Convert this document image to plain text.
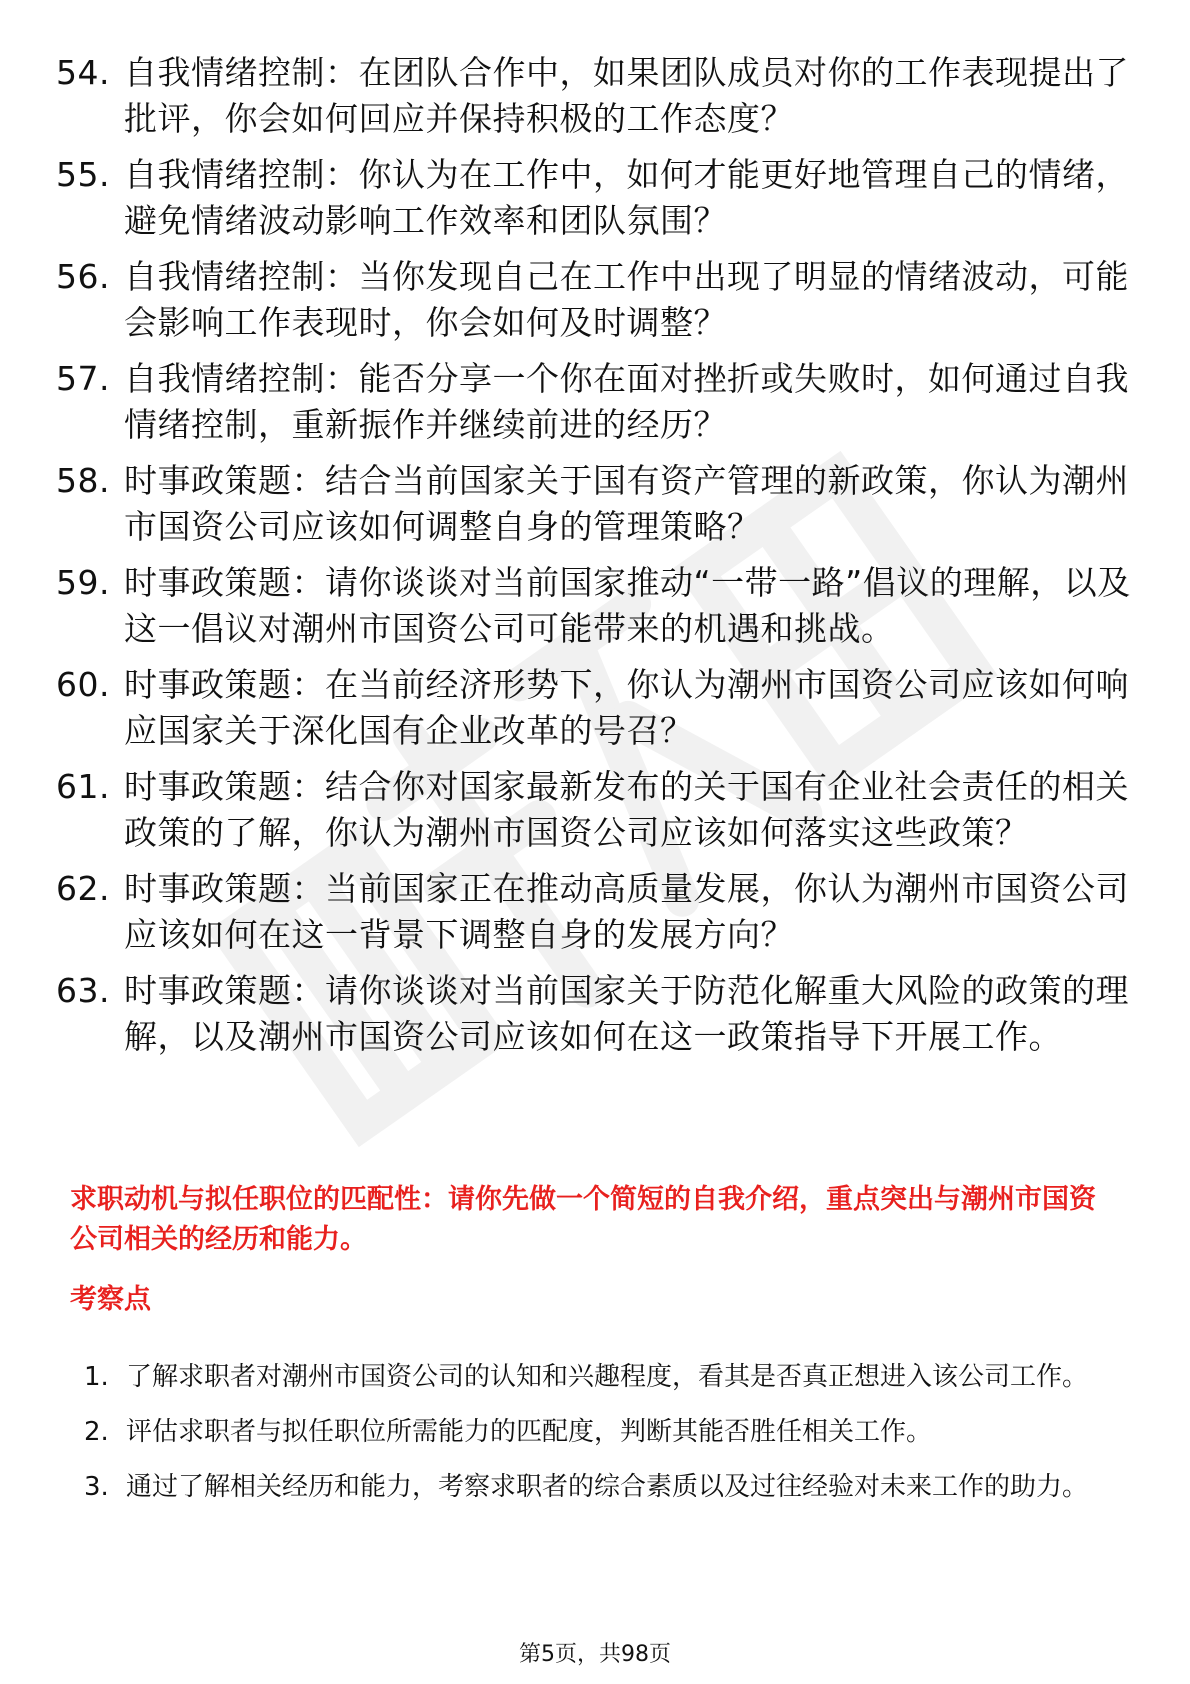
54. 自我情绪控制：在团队合作中，如果团队成员对你的工作表现提出了批评，你会如何回应并保持积极的工作态度？
55. 自我情绪控制：你认为在工作中，如何才能更好地管理自己的情绪，避免情绪波动影响工作效率和团队氛围？
56. 自我情绪控制：当你发现自己在工作中出现了明显的情绪波动，可能会影响工作表现时，你会如何及时调整？
57. 自我情绪控制：能否分享一个你在面对挫折或失败时，如何通过自我情绪控制，重新振作并继续前进的经历？
58. 时事政策题：结合当前国家关于国有资产管理的新政策，你认为潮州市国资公司应该如何调整自身的管理策略？
59. 时事政策题：请你谈谈对当前国家推动“一带一路”倡议的理解，以及这一倡议对潮州市国资公司可能带来的机遇和挑战。
60. 时事政策题：在当前经济形势下，你认为潮州市国资公司应该如何响应国家关于深化国有企业改革的号召？
61. 时事政策题：结合你对国家最新发布的关于国有企业社会责任的相关政策的了解，你认为潮州市国资公司应该如何落实这些政策？
62. 时事政策题：当前国家正在推动高质量发展，你认为潮州市国资公司应该如何在这一背景下调整自身的发展方向？
63. 时事政策题：请你谈谈对当前国家关于防范化解重大风险的政策的理解，以及潮州市国资公司应该如何在这一政策指导下开展工作。
求职动机与拟任职位的匹配性：请你先做一个简短的自我介绍，重点突出与潮州市国资公司相关的经历和能力。
考察点
1. 了解求职者对潮州市国资公司的认知和兴趣程度，看其是否真正想进入该公司工作。
2. 评估求职者与拟任职位所需能力的匹配度，判断其能否胜任相关工作。
3. 通过了解相关经历和能力，考察求职者的综合素质以及过往经验对未来工作的助力。
第5页，共98页
